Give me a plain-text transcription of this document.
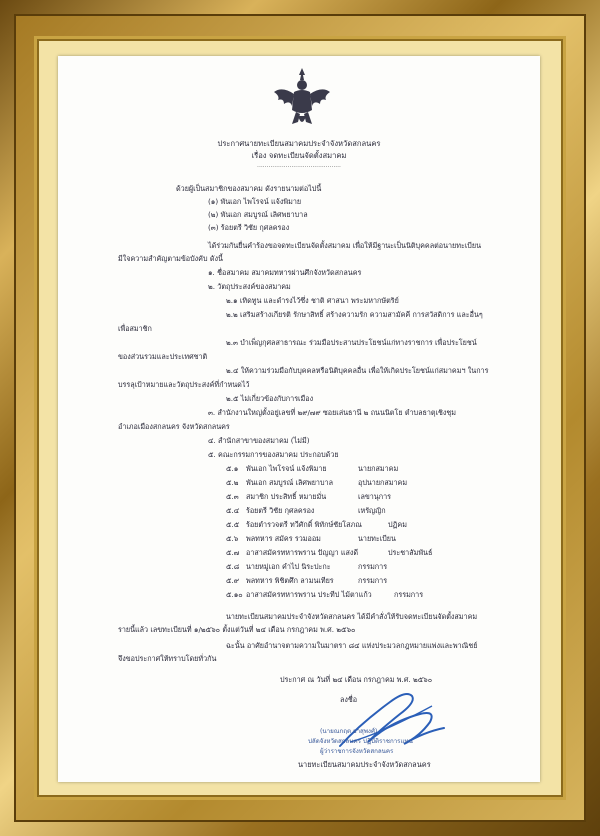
ประกาศนายทะเบียนสมาคมประจำจังหวัดสกลนคร
เรื่อง จดทะเบียนจัดตั้งสมาคม
............................................
ด้วยผู้เป็นสมาชิกของสมาคม ดังรายนามต่อไปนี้
(๑) พันเอก ไพโรจน์ แจ้งพิมาย
(๒) พันเอก สมบูรณ์ เลิศพยาบาล
(๓) ร้อยตรี วิชัย กุศลครอง
ได้ร่วมกันยื่นคำร้องขอจดทะเบียนจัดตั้งสมาคม เพื่อให้มีฐานะเป็นนิติบุคคลต่อนายทะเบียน
มีใจความสำคัญตามข้อบังคับ ดังนี้
๑. ชื่อสมาคม สมาคมทหารผ่านศึกจังหวัดสกลนคร
๒. วัตถุประสงค์ของสมาคม
๒.๑ เทิดทูน และดำรงไว้ซึ่ง ชาติ ศาสนา พระมหากษัตริย์
๒.๒ เสริมสร้างเกียรติ รักษาสิทธิ์ สร้างความรัก ความสามัคคี การสวัสดิการ และอื่นๆ
เพื่อสมาชิก
๒.๓ บำเพ็ญกุศลสาธารณะ ร่วมมือประสานประโยชน์แก่ทางราชการ เพื่อประโยชน์
ของส่วนรวมและประเทศชาติ
๒.๔ ให้ความร่วมมือกับบุคคลหรือนิติบุคคลอื่น เพื่อให้เกิดประโยชน์แก่สมาคมฯ ในการ
บรรลุเป้าหมายและวัตถุประสงค์ที่กำหนดไว้
๒.๕ ไม่เกี่ยวข้องกับการเมือง
๓. สำนักงานใหญ่ตั้งอยู่เลขที่ ๒๙/๗๙ ซอยเล่นธานี ๒ ถนนนิตโย ตำบลธาตุเชิงชุม
อำเภอเมืองสกลนคร จังหวัดสกลนคร
๔. สำนักสาขาของสมาคม (ไม่มี)
๕. คณะกรรมการของสมาคม ประกอบด้วย
๕.๑ พันเอก ไพโรจน์ แจ้งพิมาย	นายกสมาคม
๕.๒ พันเอก สมบูรณ์ เลิศพยาบาล	อุปนายกสมาคม
๕.๓ สมาชิก ประสิทธิ์ หมายมั่น	เลขานุการ
๕.๔ ร้อยตรี วิชัย กุศลครอง	เหรัญญิก
๕.๕ ร้อยตำรวจตรี ทวีศักดิ์ พิทักษ์ชัยโสภณ	ปฏิคม
๕.๖ พลทหาร สมัคร รวมออม	นายทะเบียน
๕.๗ อาสาสมัครทหารพราน ปัญญา แสงดี	ประชาสัมพันธ์
๕.๘ นายหมู่เอก คำไป นิระปะกะ	กรรมการ
๕.๙ พลทหาร พิชิตศึก ลามนเทียร	กรรมการ
๕.๑๐ อาสาสมัครทหารพราน ประทีป ไม้ตาแก้ว	กรรมการ
นายทะเบียนสมาคมประจำจังหวัดสกลนคร ได้มีคำสั่งให้รับจดทะเบียนจัดตั้งสมาคม
รายนี้แล้ว เลขทะเบียนที่ ๑/๒๕๖๐ ตั้งแต่วันที่ ๒๔ เดือน กรกฎาคม พ.ศ. ๒๕๖๐
ฉะนั้น อาศัยอำนาจตามความในมาตรา ๘๔ แห่งประมวลกฎหมายแพ่งและพาณิชย์
จึงขอประกาศให้ทราบโดยทั่วกัน
ประกาศ ณ วันที่ ๒๔ เดือน กรกฎาคม พ.ศ. ๒๕๖๐
ลงชื่อ
(นายณกฤต ยาสุพงศ์)
ปลัดจังหวัดสกลนคร ปฏิบัติราชการแทน
ผู้ว่าราชการจังหวัดสกลนคร
นายทะเบียนสมาคมประจำจังหวัดสกลนคร
